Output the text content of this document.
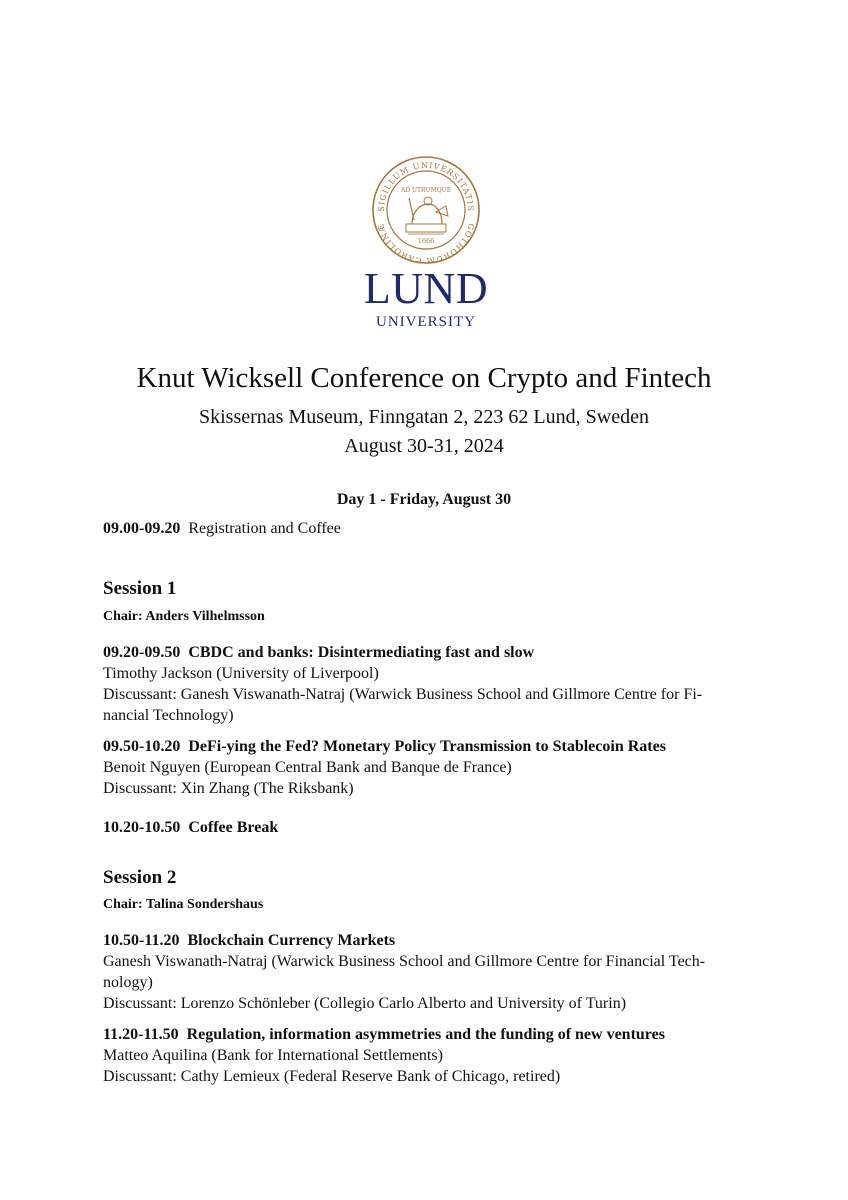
SIGILLUM UNIVERSITATIS
GOTHORUM CAROLINÆ
AD UTRUMQUE
1666
LUND
UNIVERSITY
Knut Wicksell Conference on Crypto and Fintech
Skissernas Museum, Finngatan 2, 223 62 Lund, Sweden
August 30-31, 2024
Day 1 - Friday, August 30
09.00-09.20 Registration and Coffee
Session 1
Chair: Anders Vilhelmsson
09.20-09.50 CBDC and banks: Disintermediating fast and slow
Timothy Jackson (University of Liverpool)
Discussant: Ganesh Viswanath-Natraj (Warwick Business School and Gillmore Centre for Fi-
nancial Technology)
09.50-10.20 DeFi-ying the Fed? Monetary Policy Transmission to Stablecoin Rates
Benoit Nguyen (European Central Bank and Banque de France)
Discussant: Xin Zhang (The Riksbank)
10.20-10.50 Coffee Break
Session 2
Chair: Talina Sondershaus
10.50-11.20 Blockchain Currency Markets
Ganesh Viswanath-Natraj (Warwick Business School and Gillmore Centre for Financial Tech-
nology)
Discussant: Lorenzo Schönleber (Collegio Carlo Alberto and University of Turin)
11.20-11.50 Regulation, information asymmetries and the funding of new ventures
Matteo Aquilina (Bank for International Settlements)
Discussant: Cathy Lemieux (Federal Reserve Bank of Chicago, retired)
